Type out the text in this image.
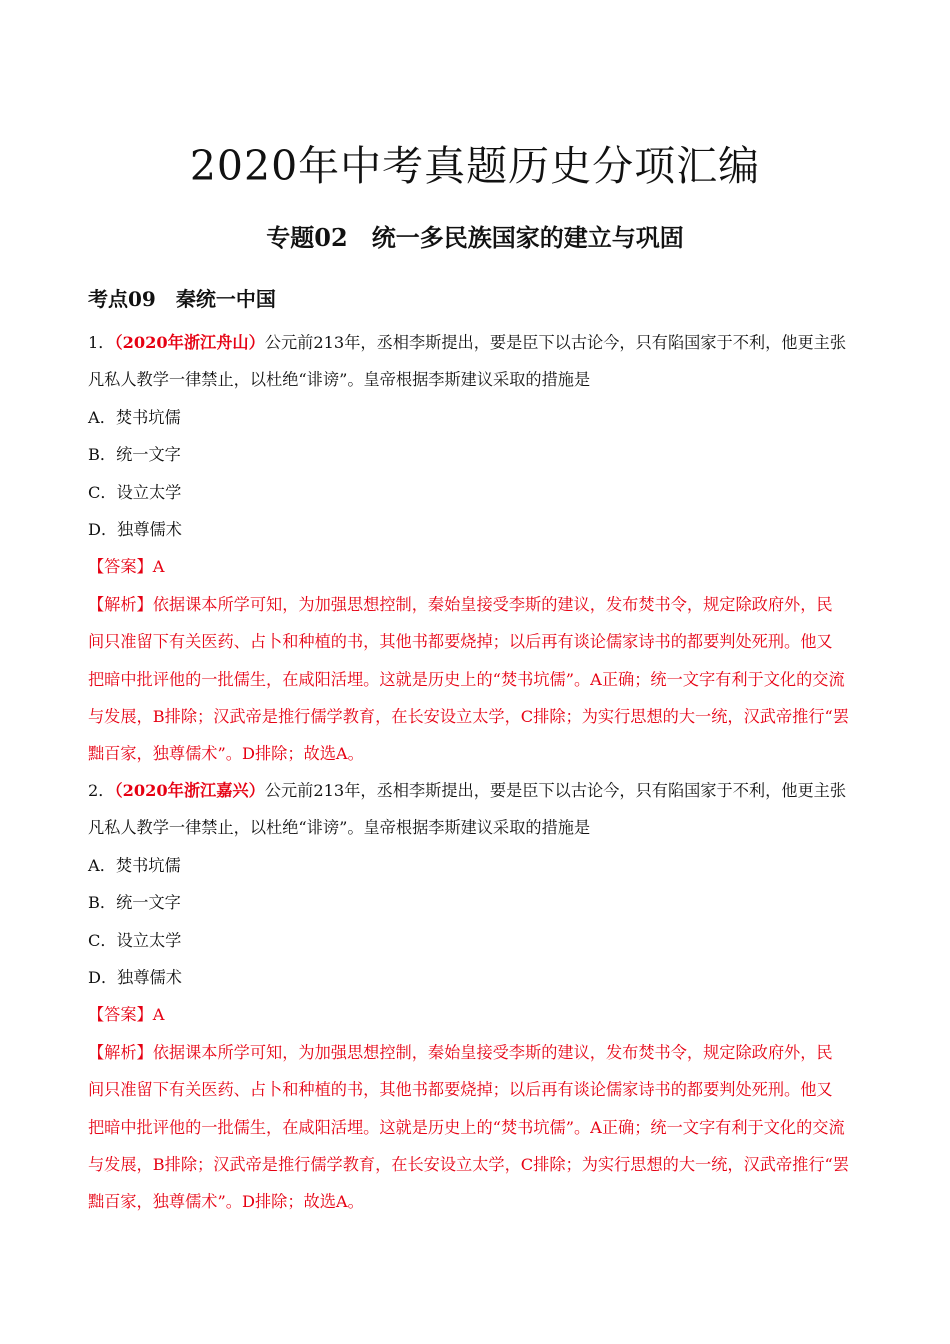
2020年中考真题历史分项汇编
专题02　统一多民族国家的建立与巩固
考点09　秦统一中国
1．（2020年浙江舟山）公元前213年，丞相李斯提出，要是臣下以古论今，只有陷国家于不利，他更主张
凡私人教学一律禁止，以杜绝“诽谤”。皇帝根据李斯建议采取的措施是
A．焚书坑儒
B．统一文字
C．设立太学
D．独尊儒术
【答案】A
【解析】依据课本所学可知，为加强思想控制，秦始皇接受李斯的建议，发布焚书令，规定除政府外，民
间只准留下有关医药、占卜和种植的书，其他书都要烧掉；以后再有谈论儒家诗书的都要判处死刑。他又
把暗中批评他的一批儒生，在咸阳活埋。这就是历史上的“焚书坑儒”。A正确；统一文字有利于文化的交流
与发展，B排除；汉武帝是推行儒学教育，在长安设立太学，C排除；为实行思想的大一统，汉武帝推行“罢
黜百家，独尊儒术”。D排除；故选A。
2．（2020年浙江嘉兴）公元前213年，丞相李斯提出，要是臣下以古论今，只有陷国家于不利，他更主张
凡私人教学一律禁止，以杜绝“诽谤”。皇帝根据李斯建议采取的措施是
A．焚书坑儒
B．统一文字
C．设立太学
D．独尊儒术
【答案】A
【解析】依据课本所学可知，为加强思想控制，秦始皇接受李斯的建议，发布焚书令，规定除政府外，民
间只准留下有关医药、占卜和种植的书，其他书都要烧掉；以后再有谈论儒家诗书的都要判处死刑。他又
把暗中批评他的一批儒生，在咸阳活埋。这就是历史上的“焚书坑儒”。A正确；统一文字有利于文化的交流
与发展，B排除；汉武帝是推行儒学教育，在长安设立太学，C排除；为实行思想的大一统，汉武帝推行“罢
黜百家，独尊儒术”。D排除；故选A。
